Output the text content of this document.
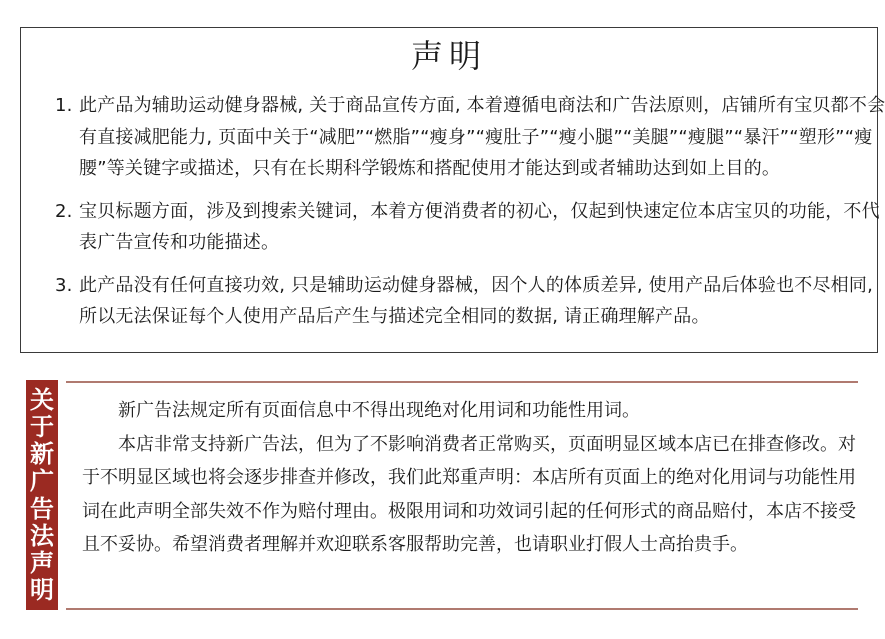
声明
1. 此产品为辅助运动健身器械, 关于商品宣传方面, 本着遵循电商法和广告法原则，店铺所有宝贝都不会有直接减肥能力, 页面中关于“减肥”“燃脂”“瘦身”“瘦肚子”“瘦小腿”“美腿”“瘦腿”“暴汗”“塑形”“瘦腰”等关键字或描述，只有在长期科学锻炼和搭配使用才能达到或者辅助达到如上目的。
2. 宝贝标题方面，涉及到搜索关键词，本着方便消费者的初心，仅起到快速定位本店宝贝的功能，不代表广告宣传和功能描述。
3. 此产品没有任何直接功效, 只是辅助运动健身器械，因个人的体质差异, 使用产品后体验也不尽相同, 所以无法保证每个人使用产品后产生与描述完全相同的数据, 请正确理解产品。
关
于
新
广
告
法
声
明

新广告法规定所有页面信息中不得出现绝对化用词和功能性用词。

本店非常支持新广告法，但为了不影响消费者正常购买，页面明显区域本店已在排查修改。对于不明显区域也将会逐步排查并修改，我们此郑重声明：本店所有页面上的绝对化用词与功能性用词在此声明全部失效不作为赔付理由。极限用词和功效词引起的任何形式的商品赔付，本店不接受且不妥协。希望消费者理解并欢迎联系客服帮助完善，也请职业打假人士高抬贵手。
